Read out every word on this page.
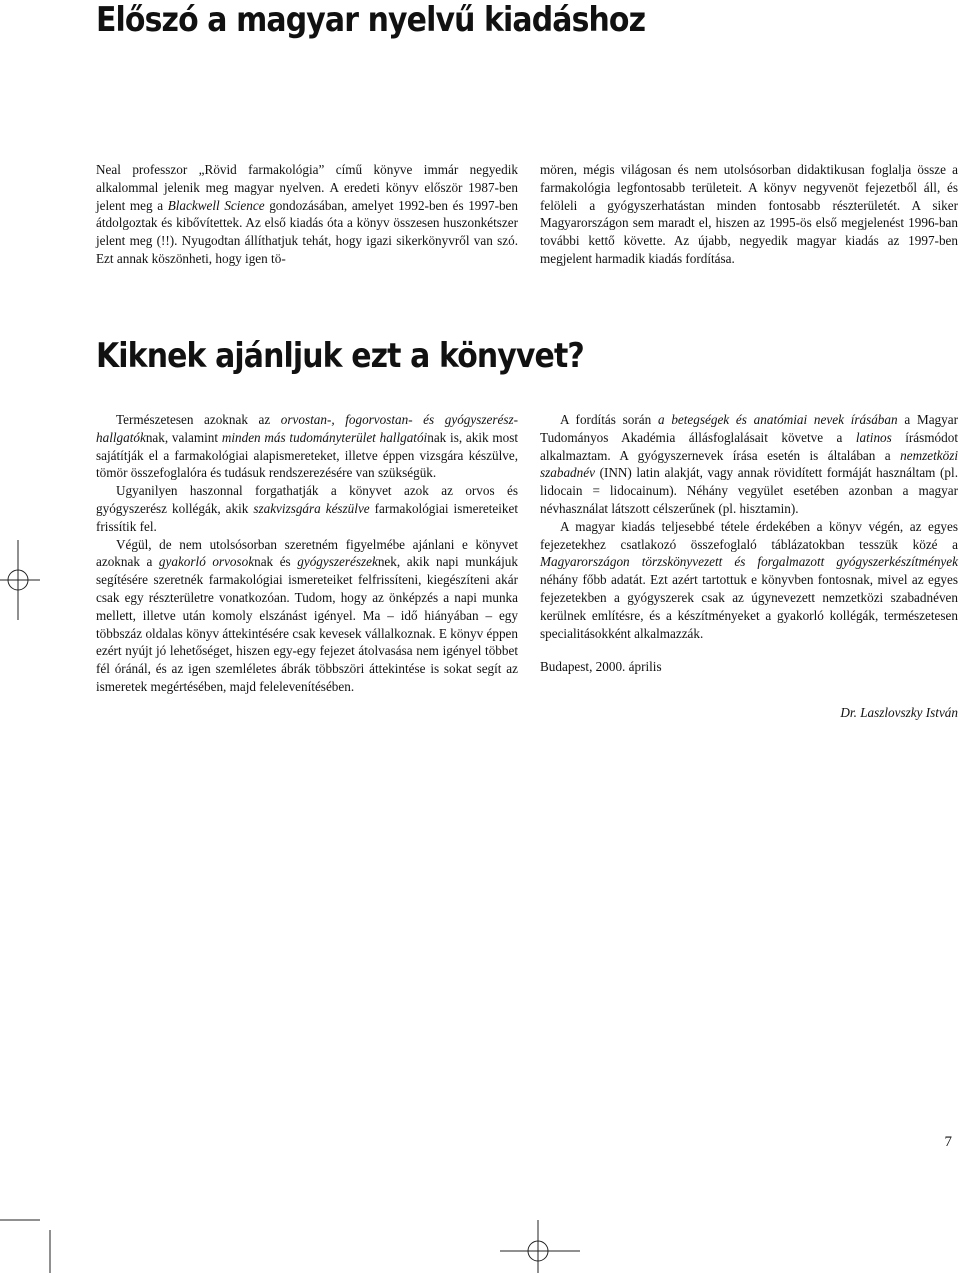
Előszó a magyar nyelvű kiadáshoz

Neal professzor „Rövid farmakológia” című könyve immár negyedik alkalommal jelenik meg magyar nyelven. A eredeti könyv először 1987-ben jelent meg a Blackwell Science gondozásában, amelyet 1992-ben és 1997-ben átdolgoztak és kibővítettek. Az első kiadás óta a könyv összesen huszonkétszer jelent meg (!!). Nyugodtan állíthatjuk tehát, hogy igazi sikerkönyvről van szó. Ezt annak köszönheti, hogy igen tö-

mören, mégis világosan és nem utolsósorban didaktikusan foglalja össze a farmakológia legfontosabb területeit. A könyv negyvenöt fejezetből áll, és felöleli a gyógyszerhatástan minden fontosabb részterületét. A siker Magyarországon sem maradt el, hiszen az 1995-ös első megjelenést 1996-ban további kettő követte. Az újabb, negyedik magyar kiadás az 1997-ben megjelent harmadik kiadás fordítása.

Kiknek ajánljuk ezt a könyvet?

Természetesen azoknak az orvostan-, fogorvostan- és gyógyszerész-hallgatóknak, valamint minden más tudományterület hallgatóinak is, akik most sajátítják el a farmakológiai alapismereteket, illetve éppen vizsgára készülve, tömör összefoglalóra és tudásuk rendszerezésére van szükségük.

Ugyanilyen haszonnal forgathatják a könyvet azok az orvos és gyógyszerész kollégák, akik szakvizsgára készülve farmakológiai ismereteiket frissítik fel.

Végül, de nem utolsósorban szeretném figyelmébe ajánlani e könyvet azoknak a gyakorló orvosoknak és gyógyszerészeknek, akik napi munkájuk segítésére szeretnék farmakológiai ismereteiket felfrissíteni, kiegészíteni akár csak egy részterületre vonatkozóan. Tudom, hogy az önképzés a napi munka mellett, illetve után komoly elszánást igényel. Ma – idő hiányában – egy többszáz oldalas könyv áttekintésére csak kevesek vállalkoznak. E könyv éppen ezért nyújt jó lehetőséget, hiszen egy-egy fejezet átolvasása nem igényel többet fél óránál, és az igen szemléletes ábrák többszöri áttekintése is sokat segít az ismeretek megértésében, majd felelevenítésében.

A fordítás során a betegségek és anatómiai nevek írásában a Magyar Tudományos Akadémia állásfoglalásait követve a latinos írásmódot alkalmaztam. A gyógyszernevek írása esetén is általában a nemzetközi szabadnév (INN) latin alakját, vagy annak rövidített formáját használtam (pl. lidocain = lidocainum). Néhány vegyület esetében azonban a magyar névhasználat látszott célszerűnek (pl. hisztamin).

A magyar kiadás teljesebbé tétele érdekében a könyv végén, az egyes fejezetekhez csatlakozó összefoglaló táblázatokban tesszük közé a Magyarországon törzskönyvezett és forgalmazott gyógyszerkészítmények néhány főbb adatát. Ezt azért tartottuk e könyvben fontosnak, mivel az egyes fejezetekben a gyógyszerek csak az úgynevezett nemzetközi szabadnéven kerülnek említésre, és a készítményeket a gyakorló kollégák, természetesen specialitásokként alkalmazzák.

Budapest, 2000. április

Dr. Laszlovszky István

7
